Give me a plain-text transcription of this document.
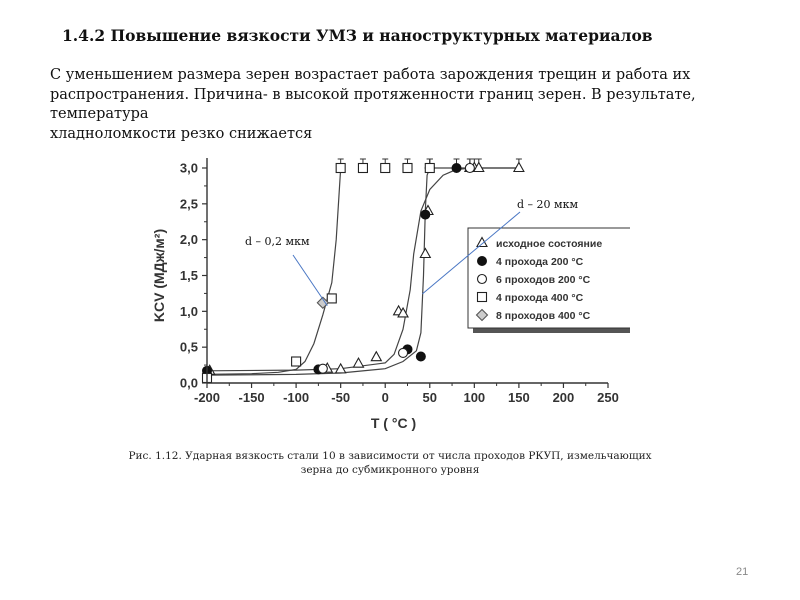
1.4.2 Повышение вязкости УМЗ и наноструктурных материалов
С уменьшением размера зерен возрастает работа зарождения трещин и работа их
распространения. Причина- в высокой протяженности границ зерен. В результате, температура
хладноломкости резко снижается
-200 -150 -100 -50 0	50 100 150 200 250
0,0
0,5
1,0
1,5
2,0
2,5
3,0
T ( °C )
KCV (МДж/м²)	исходное состояние
4 прохода 200 °C
6 проходов 200 °C
4 прохода 400 °C
8 проходов 400 °C
d – 0,2 мкм
d – 20 мкм
Рис. 1.12. Ударная вязкость стали 10 в зависимости от числа проходов РКУП, измельчающих
зерна до субмикронного уровня
21
